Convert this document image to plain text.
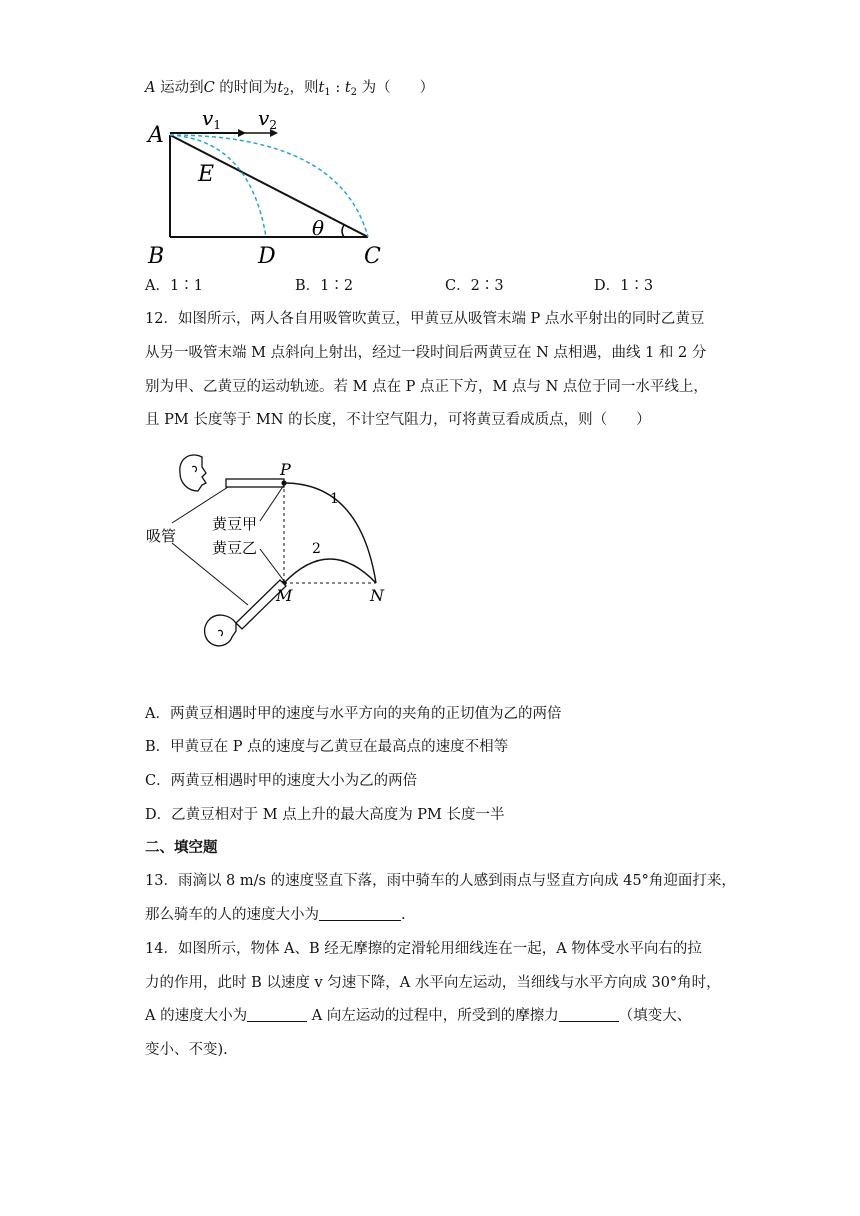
A 运动到C 的时间为$t_2$，则$t_1$ : $t_2$ 为（　　）
A
B	D	C
E
θ
$v_1$ $v_2$
A．1∶1	B．1∶2	C．2∶3	D．1∶3
12．如图所示，两人各自用吸管吹黄豆，甲黄豆从吸管末端 P 点水平射出的同时乙黄豆
从另一吸管末端 M 点斜向上射出，经过一段时间后两黄豆在 N 点相遇，曲线 1 和 2 分
别为甲、乙黄豆的运动轨迹。若 M 点在 P 点正下方，M 点与 N 点位于同一水平线上，
且 PM 长度等于 MN 的长度，不计空气阻力，可将黄豆看成质点，则（　　）
P
M	N
1
2
吸管
黄豆甲
黄豆乙
A．两黄豆相遇时甲的速度与水平方向的夹角的正切值为乙的两倍
B．甲黄豆在 P 点的速度与乙黄豆在最高点的速度不相等
C．两黄豆相遇时甲的速度大小为乙的两倍
D．乙黄豆相对于 M 点上升的最大高度为 PM 长度一半
二、填空题
13．雨滴以 8 m/s 的速度竖直下落，雨中骑车的人感到雨点与竖直方向成 45°角迎面打来，
那么骑车的人的速度大小为	.
14．如图所示，物体 A、B 经无摩擦的定滑轮用细线连在一起，A 物体受水平向右的拉
力的作用，此时 B 以速度 v 匀速下降，A 水平向左运动，当细线与水平方向成 30°角时，
A 的速度大小为	A 向左运动的过程中，所受到的摩擦力	（填变大、
变小、不变).
